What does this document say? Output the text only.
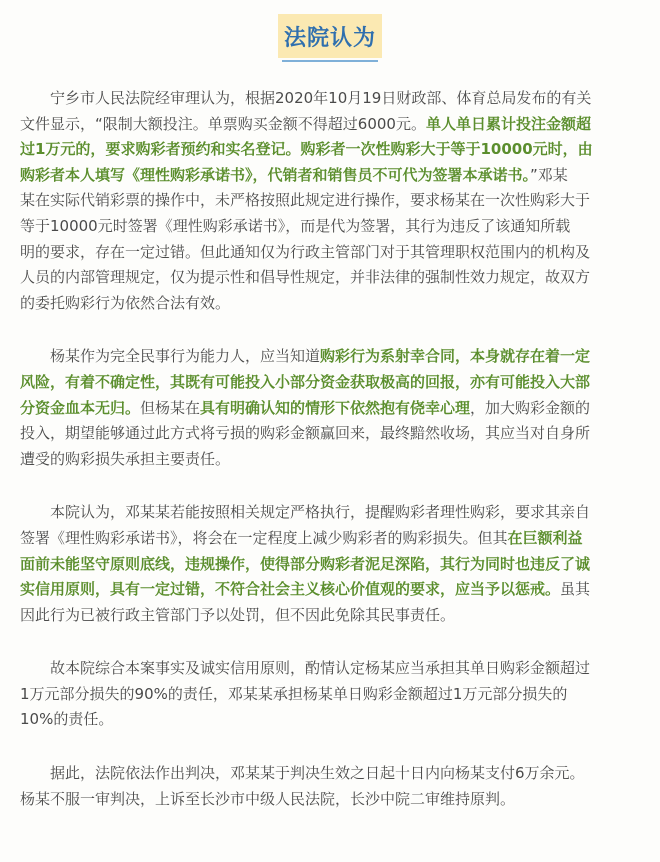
法院认为

宁乡市人民法院经审理认为，根据2020年10月19日财政部、体育总局发布的有关
文件显示，“限制大额投注。单票购买金额不得超过6000元。单人单日累计投注金额超
过1万元的，要求购彩者预约和实名登记。购彩者一次性购彩大于等于10000元时，由
购彩者本人填写《理性购彩承诺书》，代销者和销售员不可代为签署本承诺书。”邓某
某在实际代销彩票的操作中，未严格按照此规定进行操作，要求杨某在一次性购彩大于
等于10000元时签署《理性购彩承诺书》，而是代为签署，其行为违反了该通知所载
明的要求，存在一定过错。但此通知仅为行政主管部门对于其管理职权范围内的机构及
人员的内部管理规定，仅为提示性和倡导性规定，并非法律的强制性效力规定，故双方
的委托购彩行为依然合法有效。

杨某作为完全民事行为能力人，应当知道购彩行为系射幸合同，本身就存在着一定
风险，有着不确定性，其既有可能投入小部分资金获取极高的回报，亦有可能投入大部
分资金血本无归。但杨某在具有明确认知的情形下依然抱有侥幸心理，加大购彩金额的
投入，期望能够通过此方式将亏损的购彩金额赢回来，最终黯然收场，其应当对自身所
遭受的购彩损失承担主要责任。

本院认为，邓某某若能按照相关规定严格执行，提醒购彩者理性购彩，要求其亲自
签署《理性购彩承诺书》，将会在一定程度上减少购彩者的购彩损失。但其在巨额利益
面前未能坚守原则底线，违规操作，使得部分购彩者泥足深陷，其行为同时也违反了诚
实信用原则，具有一定过错，不符合社会主义核心价值观的要求，应当予以惩戒。虽其
因此行为已被行政主管部门予以处罚，但不因此免除其民事责任。

故本院综合本案事实及诚实信用原则，酌情认定杨某应当承担其单日购彩金额超过
1万元部分损失的90%的责任，邓某某承担杨某单日购彩金额超过1万元部分损失的
10%的责任。

据此，法院依法作出判决，邓某某于判决生效之日起十日内向杨某支付6万余元。
杨某不服一审判决，上诉至长沙市中级人民法院，长沙中院二审维持原判。
